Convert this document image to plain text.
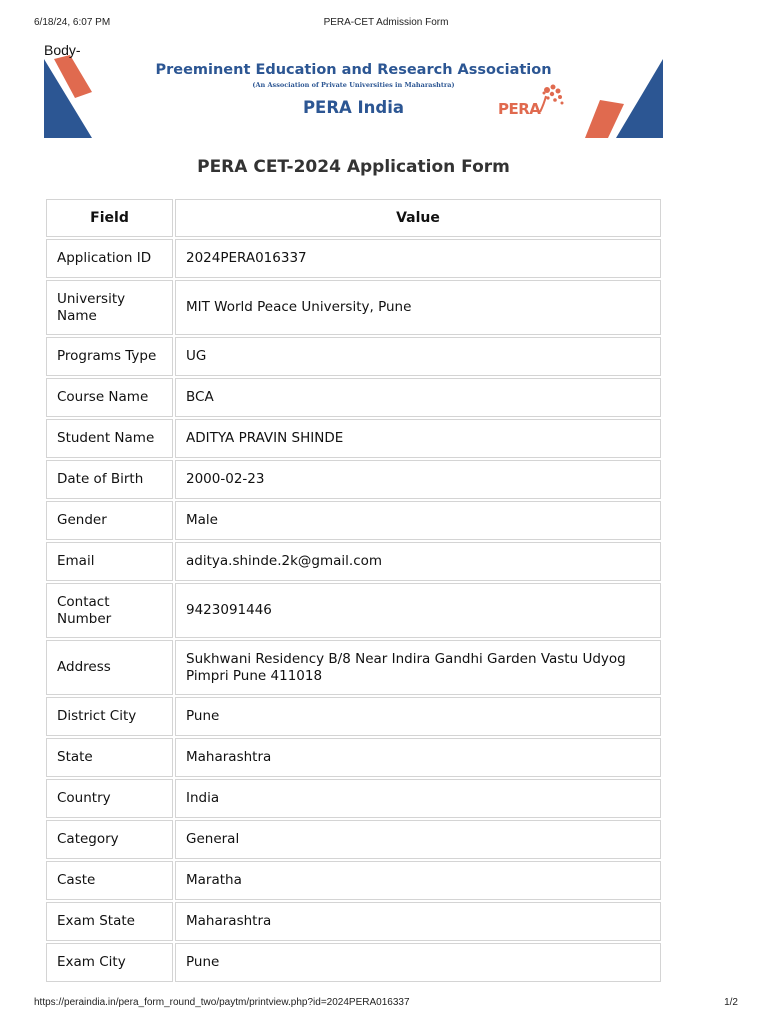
6/18/24, 6:07 PM	PERA-CET Admission Form
Body-
Preeminent Education and Research Association
(An Association of Private Universities in Maharashtra)
PERA India	PERA
PERA CET-2024 Application Form
Field	Value
Application ID	2024PERA016337
University Name	MIT World Peace University, Pune
Programs Type	UG
Course Name	BCA
Student Name	ADITYA PRAVIN SHINDE
Date of Birth	2000-02-23
Gender	Male
Email	aditya.shinde.2k@gmail.com
Contact Number	9423091446
Address	Sukhwani Residency B/8 Near Indira Gandhi Garden Vastu Udyog Pimpri Pune 411018
District City	Pune
State	Maharashtra
Country	India
Category	General
Caste	Maratha
Exam State	Maharashtra
Exam City	Pune
https://peraindia.in/pera_form_round_two/paytm/printview.php?id=2024PERA016337	1/2
